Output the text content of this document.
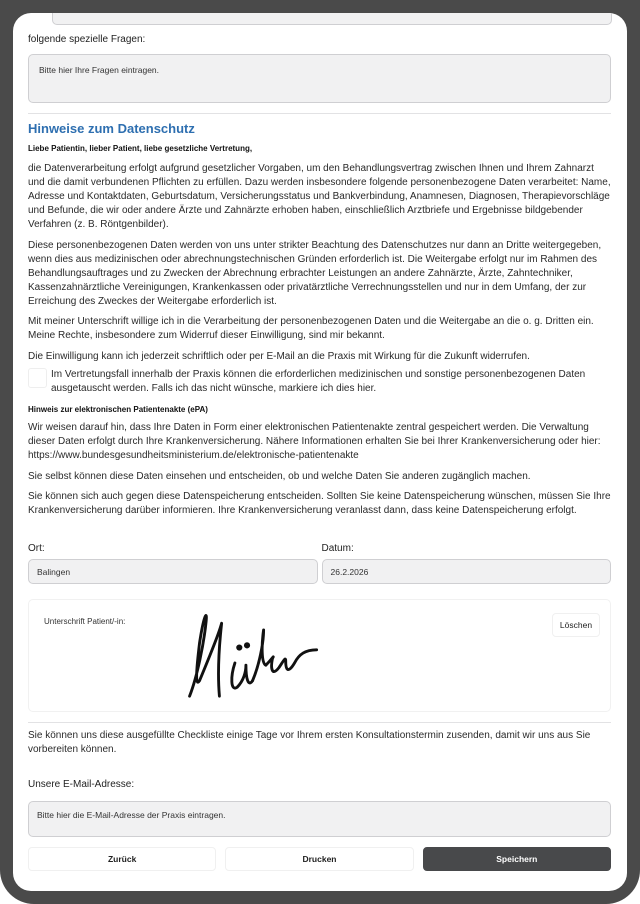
folgende spezielle Fragen:
Bitte hier Ihre Fragen eintragen.
Hinweise zum Datenschutz
Liebe Patientin, lieber Patient, liebe gesetzliche Vertretung,
die Datenverarbeitung erfolgt aufgrund gesetzlicher Vorgaben, um den Behandlungsvertrag zwischen Ihnen und Ihrem Zahnarzt und die damit verbundenen Pflichten zu erfüllen. Dazu werden insbesondere folgende personenbezogene Daten verarbeitet: Name, Adresse und Kontaktdaten, Geburtsdatum, Versicherungsstatus und Bankverbindung, Anamnesen, Diagnosen, Therapievorschläge und Befunde, die wir oder andere Ärzte und Zahnärzte erhoben haben, einschließlich Arztbriefe und Ergebnisse bildgebender Verfahren (z. B. Röntgenbilder).
Diese personenbezogenen Daten werden von uns unter strikter Beachtung des Datenschutzes nur dann an Dritte weitergegeben, wenn dies aus medizinischen oder abrechnungstechnischen Gründen erforderlich ist. Die Weitergabe erfolgt nur im Rahmen des Behandlungsauftrages und zu Zwecken der Abrechnung erbrachter Leistungen an andere Zahnärzte, Ärzte, Zahntechniker, Kassenzahnärztliche Vereinigungen, Krankenkassen oder privatärztliche Verrechnungsstellen und nur in dem Umfang, der zur Erreichung des Zweckes der Weitergabe erforderlich ist.
Mit meiner Unterschrift willige ich in die Verarbeitung der personenbezogenen Daten und die Weitergabe an die o. g. Dritten ein. Meine Rechte, insbesondere zum Widerruf dieser Einwilligung, sind mir bekannt.
Die Einwilligung kann ich jederzeit schriftlich oder per E-Mail an die Praxis mit Wirkung für die Zukunft widerrufen.
Im Vertretungsfall innerhalb der Praxis können die erforderlichen medizinischen und sonstige personenbezogenen Daten ausgetauscht werden. Falls ich das nicht wünsche, markiere ich dies hier.
Hinweis zur elektronischen Patientenakte (ePA)
Wir weisen darauf hin, dass Ihre Daten in Form einer elektronischen Patientenakte zentral gespeichert werden. Die Verwaltung dieser Daten erfolgt durch Ihre Krankenversicherung. Nähere Informationen erhalten Sie bei Ihrer Krankenversicherung oder hier: https://www.bundesgesundheitsministerium.de/elektronische-patientenakte
Sie selbst können diese Daten einsehen und entscheiden, ob und welche Daten Sie anderen zugänglich machen.
Sie können sich auch gegen diese Datenspeicherung entscheiden. Sollten Sie keine Datenspeicherung wünschen, müssen Sie Ihre Krankenversicherung darüber informieren. Ihre Krankenversicherung veranlasst dann, dass keine Datenspeicherung erfolgt.
Ort:	Datum:
Balingen	26.2.2026
Unterschrift Patient/-in:	Löschen
Sie können uns diese ausgefüllte Checkliste einige Tage vor Ihrem ersten Konsultationstermin zusenden, damit wir uns aus Sie vorbereiten können.
Unsere E-Mail-Adresse:
Bitte hier die E-Mail-Adresse der Praxis eintragen.
Zurück	Drucken	Speichern
